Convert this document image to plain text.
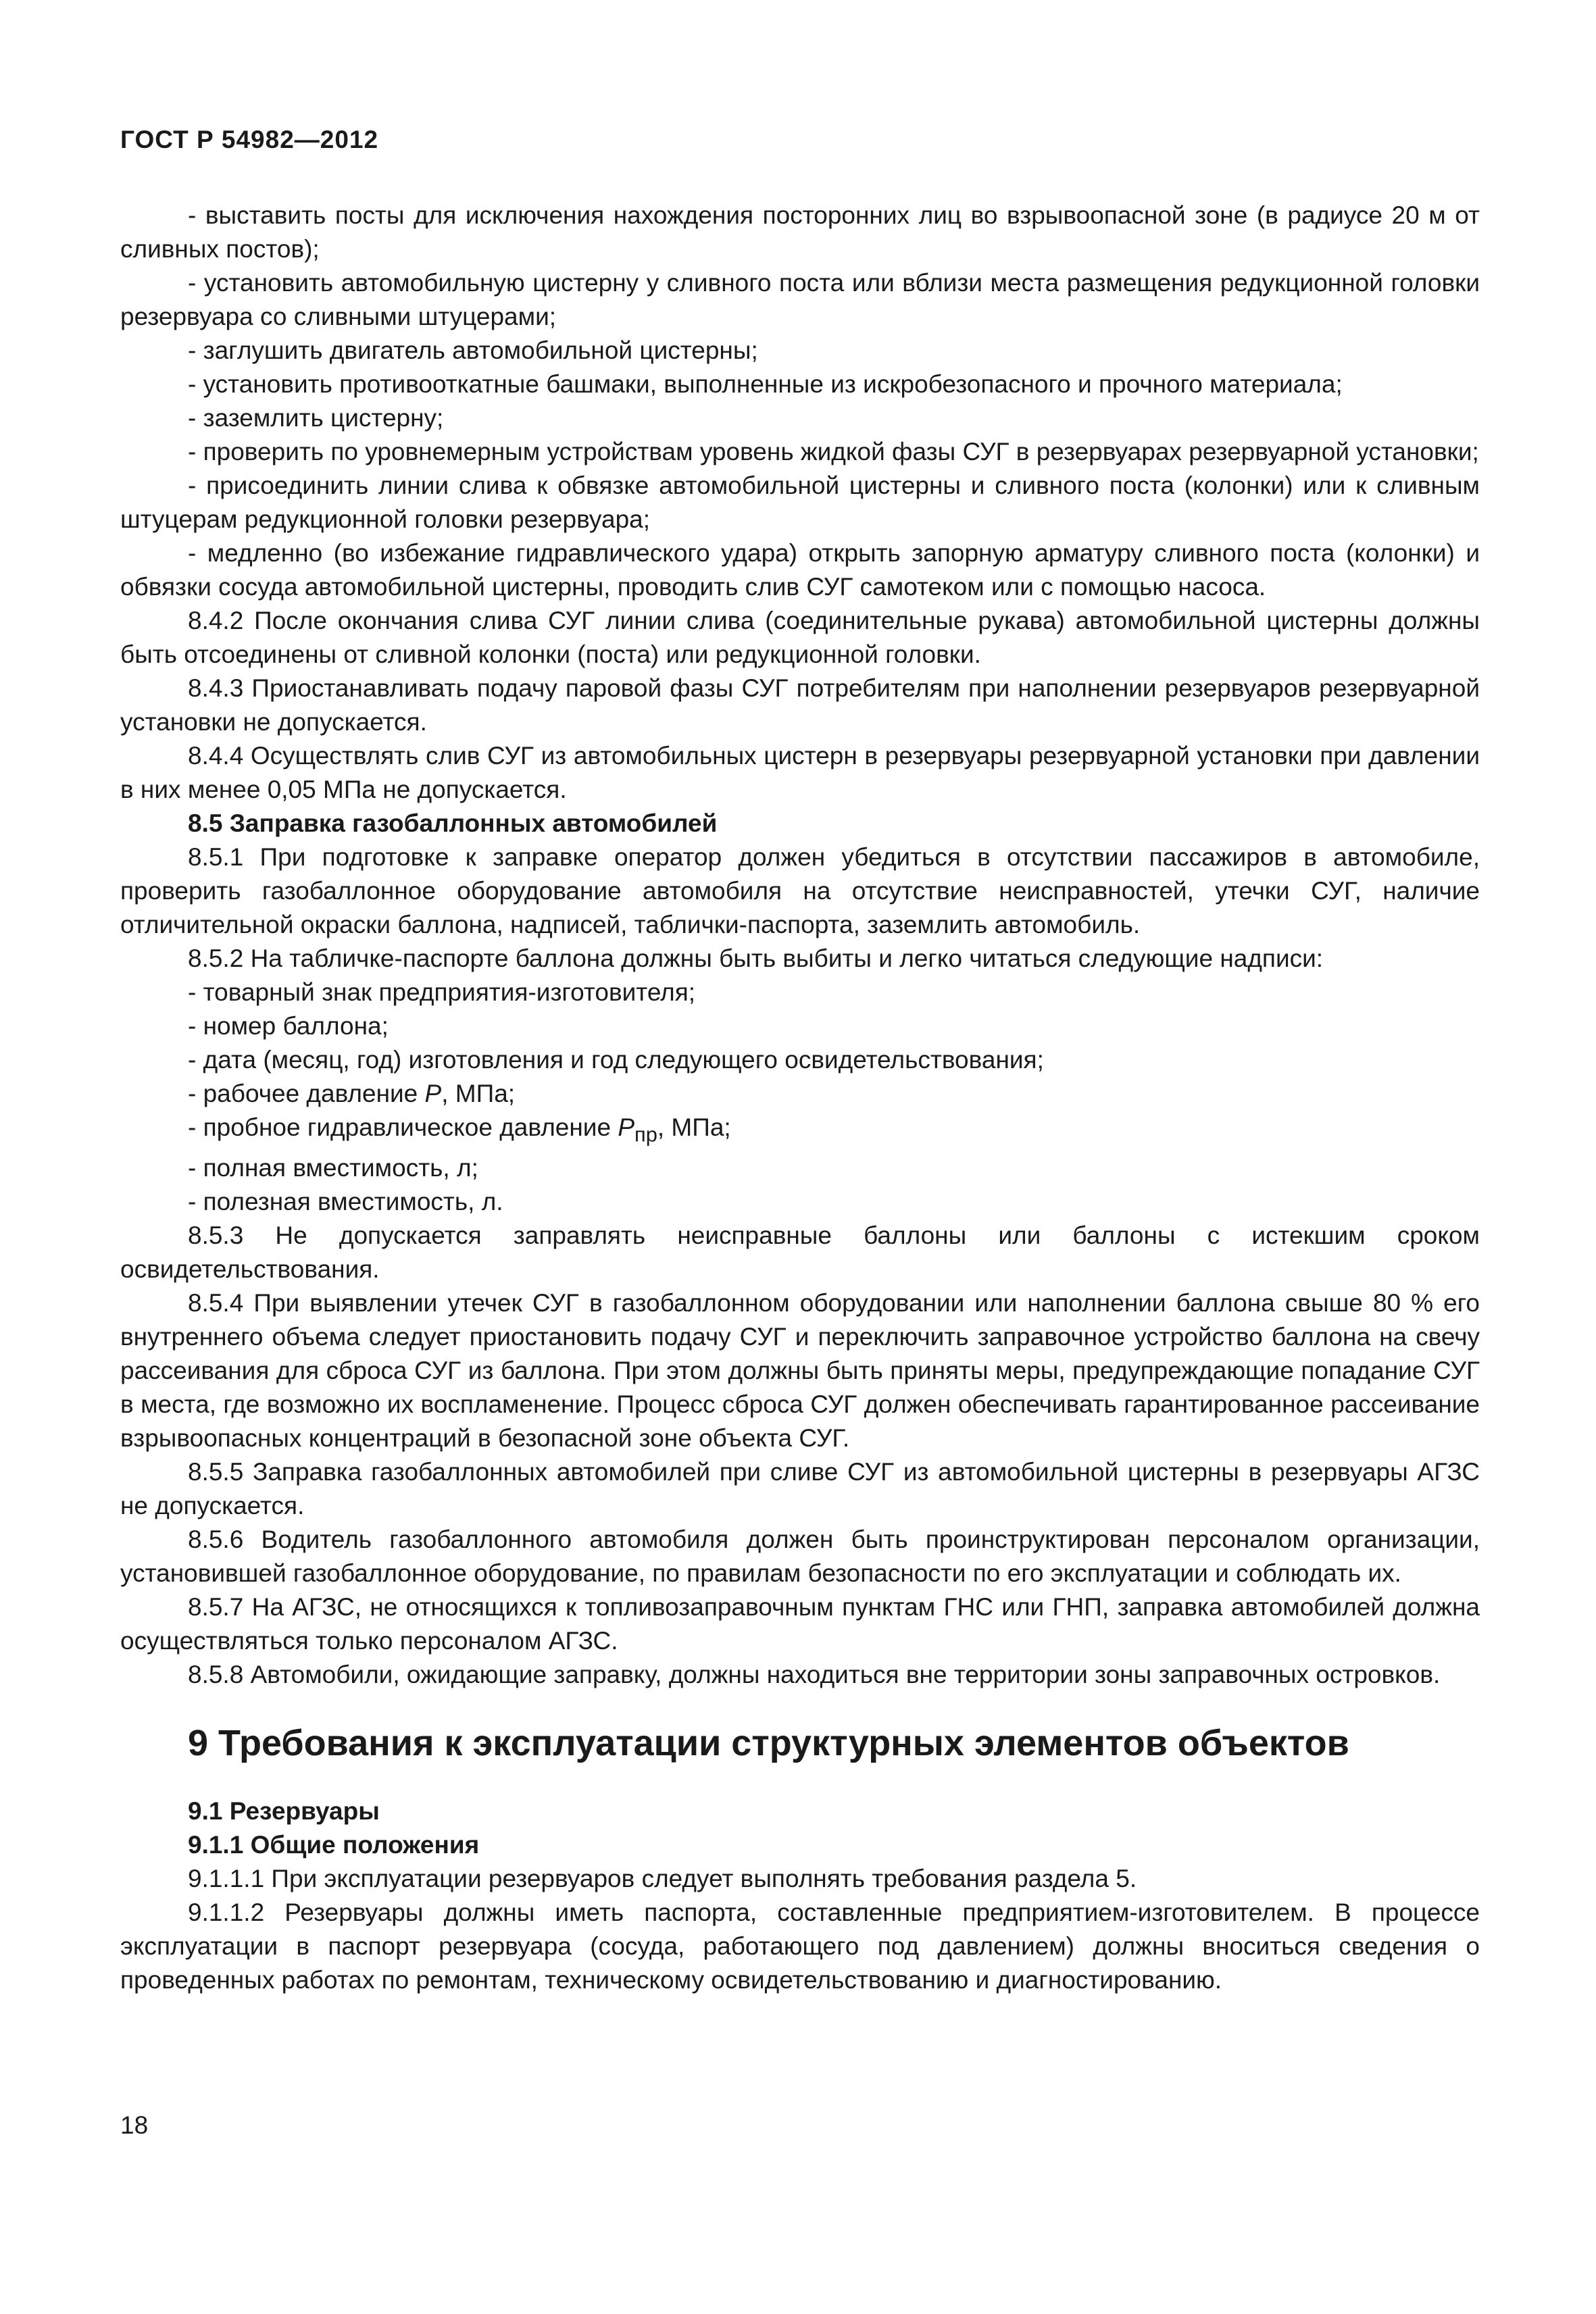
ГОСТ Р 54982—2012

- выставить посты для исключения нахождения посторонних лиц во взрывоопасной зоне (в радиусе 20 м от сливных постов);

- установить автомобильную цистерну у сливного поста или вблизи места размещения редукционной головки резервуара со сливными штуцерами;

- заглушить двигатель автомобильной цистерны;

- установить противооткатные башмаки, выполненные из искробезопасного и прочного материала;

- заземлить цистерну;

- проверить по уровнемерным устройствам уровень жидкой фазы СУГ в резервуарах резервуарной установки;

- присоединить линии слива к обвязке автомобильной цистерны и сливного поста (колонки) или к сливным штуцерам редукционной головки резервуара;

- медленно (во избежание гидравлического удара) открыть запорную арматуру сливного поста (колонки) и обвязки сосуда автомобильной цистерны, проводить слив СУГ самотеком или с помощью насоса.

8.4.2 После окончания слива СУГ линии слива (соединительные рукава) автомобильной цистерны должны быть отсоединены от сливной колонки (поста) или редукционной головки.

8.4.3 Приостанавливать подачу паровой фазы СУГ потребителям при наполнении резервуаров резервуарной установки не допускается.

8.4.4 Осуществлять слив СУГ из автомобильных цистерн в резервуары резервуарной установки при давлении в них менее 0,05 МПа не допускается.

8.5 Заправка газобаллонных автомобилей

8.5.1 При подготовке к заправке оператор должен убедиться в отсутствии пассажиров в автомобиле, проверить газобаллонное оборудование автомобиля на отсутствие неисправностей, утечки СУГ, наличие отличительной окраски баллона, надписей, таблички-паспорта, заземлить автомобиль.

8.5.2 На табличке-паспорте баллона должны быть выбиты и легко читаться следующие надписи:

- товарный знак предприятия-изготовителя;

- номер баллона;

- дата (месяц, год) изготовления и год следующего освидетельствования;

- рабочее давление Р, МПа;

- пробное гидравлическое давление $Р_{пр}$, МПа;

- полная вместимость, л;

- полезная вместимость, л.

8.5.3 Не допускается заправлять неисправные баллоны или баллоны с истекшим сроком освидетельствования.

8.5.4 При выявлении утечек СУГ в газобаллонном оборудовании или наполнении баллона свыше 80 % его внутреннего объема следует приостановить подачу СУГ и переключить заправочное устройство баллона на свечу рассеивания для сброса СУГ из баллона. При этом должны быть приняты меры, предупреждающие попадание СУГ в места, где возможно их воспламенение. Процесс сброса СУГ должен обеспечивать гарантированное рассеивание взрывоопасных концентраций в безопасной зоне объекта СУГ.

8.5.5 Заправка газобаллонных автомобилей при сливе СУГ из автомобильной цистерны в резервуары АГЗС не допускается.

8.5.6 Водитель газобаллонного автомобиля должен быть проинструктирован персоналом организации, установившей газобаллонное оборудование, по правилам безопасности по его эксплуатации и соблюдать их.

8.5.7 На АГЗС, не относящихся к топливозаправочным пунктам ГНС или ГНП, заправка автомобилей должна осуществляться только персоналом АГЗС.

8.5.8 Автомобили, ожидающие заправку, должны находиться вне территории зоны заправочных островков.

9 Требования к эксплуатации структурных элементов объектов

9.1 Резервуары

9.1.1 Общие положения

9.1.1.1 При эксплуатации резервуаров следует выполнять требования раздела 5.

9.1.1.2 Резервуары должны иметь паспорта, составленные предприятием-изготовителем. В процессе эксплуатации в паспорт резервуара (сосуда, работающего под давлением) должны вноситься сведения о проведенных работах по ремонтам, техническому освидетельствованию и диагностированию.

18
